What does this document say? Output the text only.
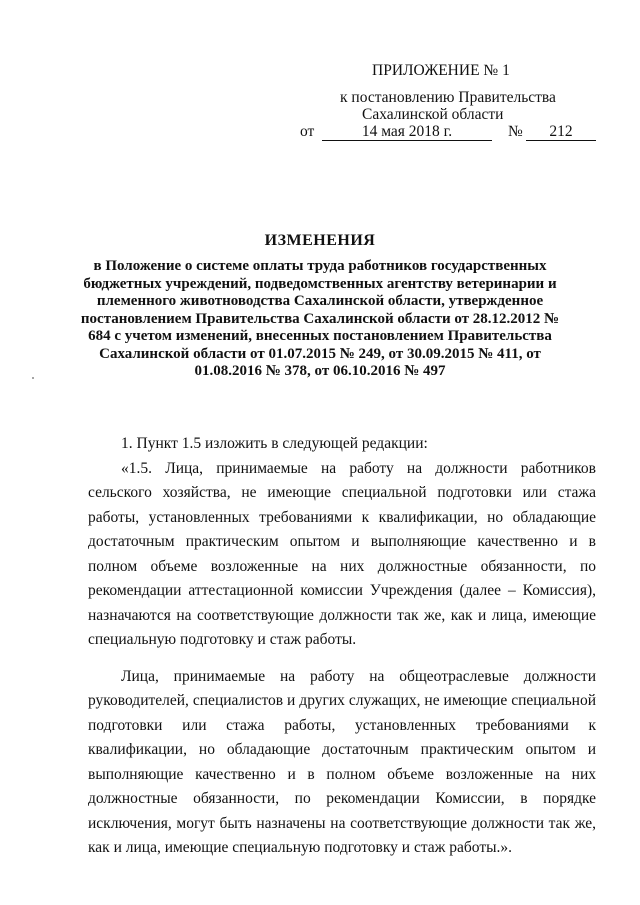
ПРИЛОЖЕНИЕ № 1
к постановлению Правительства
Сахалинской области
от	14 мая 2018 г.	№	212
ИЗМЕНЕНИЯ
в Положение о системе оплаты труда работников государственных бюджетных учреждений, подведомственных агентству ветеринарии и племенного животноводства Сахалинской области, утвержденное постановлением Правительства Сахалинской области от 28.12.2012 № 684 с учетом изменений, внесенных постановлением Правительства Сахалинской области от 01.07.2015 № 249, от 30.09.2015 № 411, от 01.08.2016 № 378, от 06.10.2016 № 497

1. Пункт 1.5 изложить в следующей редакции:

«1.5. Лица, принимаемые на работу на должности работников сельского хозяйства, не имеющие специальной подготовки или стажа работы, установленных требованиями к квалификации, но обладающие достаточным практическим опытом и выполняющие качественно и в полном объеме возложенные на них должностные обязанности, по рекомендации аттестационной комиссии Учреждения (далее – Комиссия), назначаются на соответствующие должности так же, как и лица, имеющие специальную подготовку и стаж работы.

Лица, принимаемые на работу на общеотраслевые должности руководителей, специалистов и других служащих, не имеющие специальной подготовки или стажа работы, установленных требованиями к квалификации, но обладающие достаточным практическим опытом и выполняющие качественно и в полном объеме возложенные на них должностные обязанности, по рекомендации Комиссии, в порядке исключения, могут быть назначены на соответствующие должности так же, как и лица, имеющие специальную подготовку и стаж работы.».
